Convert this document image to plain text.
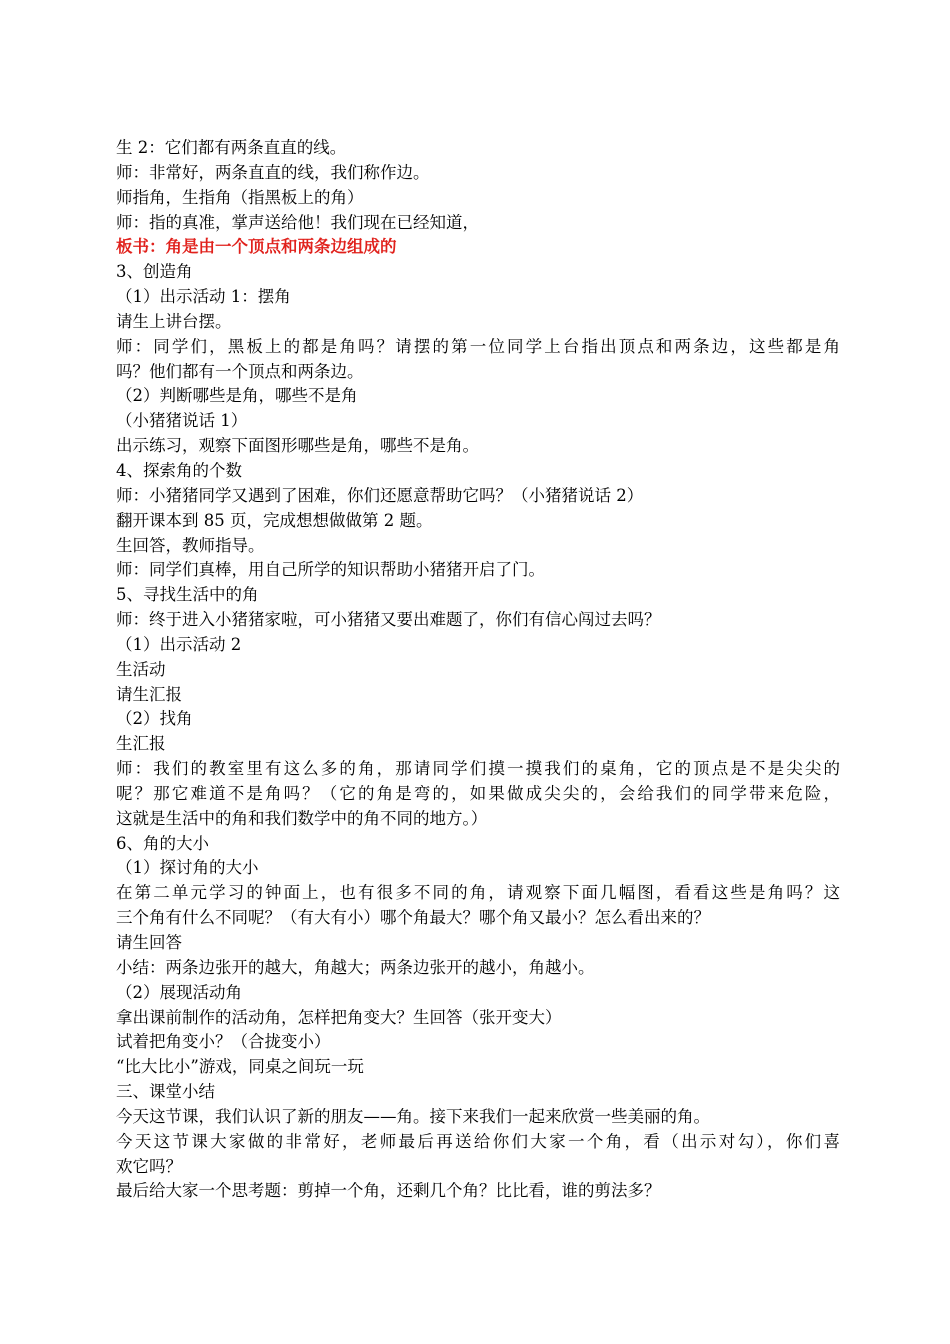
生 2：它们都有两条直直的线。
师：非常好，两条直直的线，我们称作边。
师指角，生指角（指黑板上的角）
师：指的真准，掌声送给他！我们现在已经知道，
板书：角是由一个顶点和两条边组成的
3、创造角
（1）出示活动 1：摆角
请生上讲台摆。
师：同学们，黑板上的都是角吗？请摆的第一位同学上台指出顶点和两条边，这些都是角
吗？他们都有一个顶点和两条边。
（2）判断哪些是角，哪些不是角
（小猪猪说话 1）
出示练习，观察下面图形哪些是角，哪些不是角。
4、探索角的个数
师：小猪猪同学又遇到了困难，你们还愿意帮助它吗？（小猪猪说话 2）
翻开课本到 85 页，完成想想做做第 2 题。
生回答，教师指导。
师：同学们真棒，用自己所学的知识帮助小猪猪开启了门。
5、寻找生活中的角
师：终于进入小猪猪家啦，可小猪猪又要出难题了，你们有信心闯过去吗？
（1）出示活动 2
生活动
请生汇报
（2）找角
生汇报
师：我们的教室里有这么多的角，那请同学们摸一摸我们的桌角，它的顶点是不是尖尖的
呢？那它难道不是角吗？（它的角是弯的，如果做成尖尖的，会给我们的同学带来危险，
这就是生活中的角和我们数学中的角不同的地方。）
6、角的大小
（1）探讨角的大小
在第二单元学习的钟面上，也有很多不同的角，请观察下面几幅图，看看这些是角吗？这
三个角有什么不同呢？（有大有小）哪个角最大？哪个角又最小？怎么看出来的？
请生回答
小结：两条边张开的越大，角越大；两条边张开的越小，角越小。
（2）展现活动角
拿出课前制作的活动角，怎样把角变大？生回答（张开变大）
试着把角变小？（合拢变小）
“比大比小”游戏，同桌之间玩一玩
三、课堂小结
今天这节课，我们认识了新的朋友——角。接下来我们一起来欣赏一些美丽的角。
今天这节课大家做的非常好，老师最后再送给你们大家一个角，看（出示对勾），你们喜
欢它吗？
最后给大家一个思考题：剪掉一个角，还剩几个角？比比看，谁的剪法多？
